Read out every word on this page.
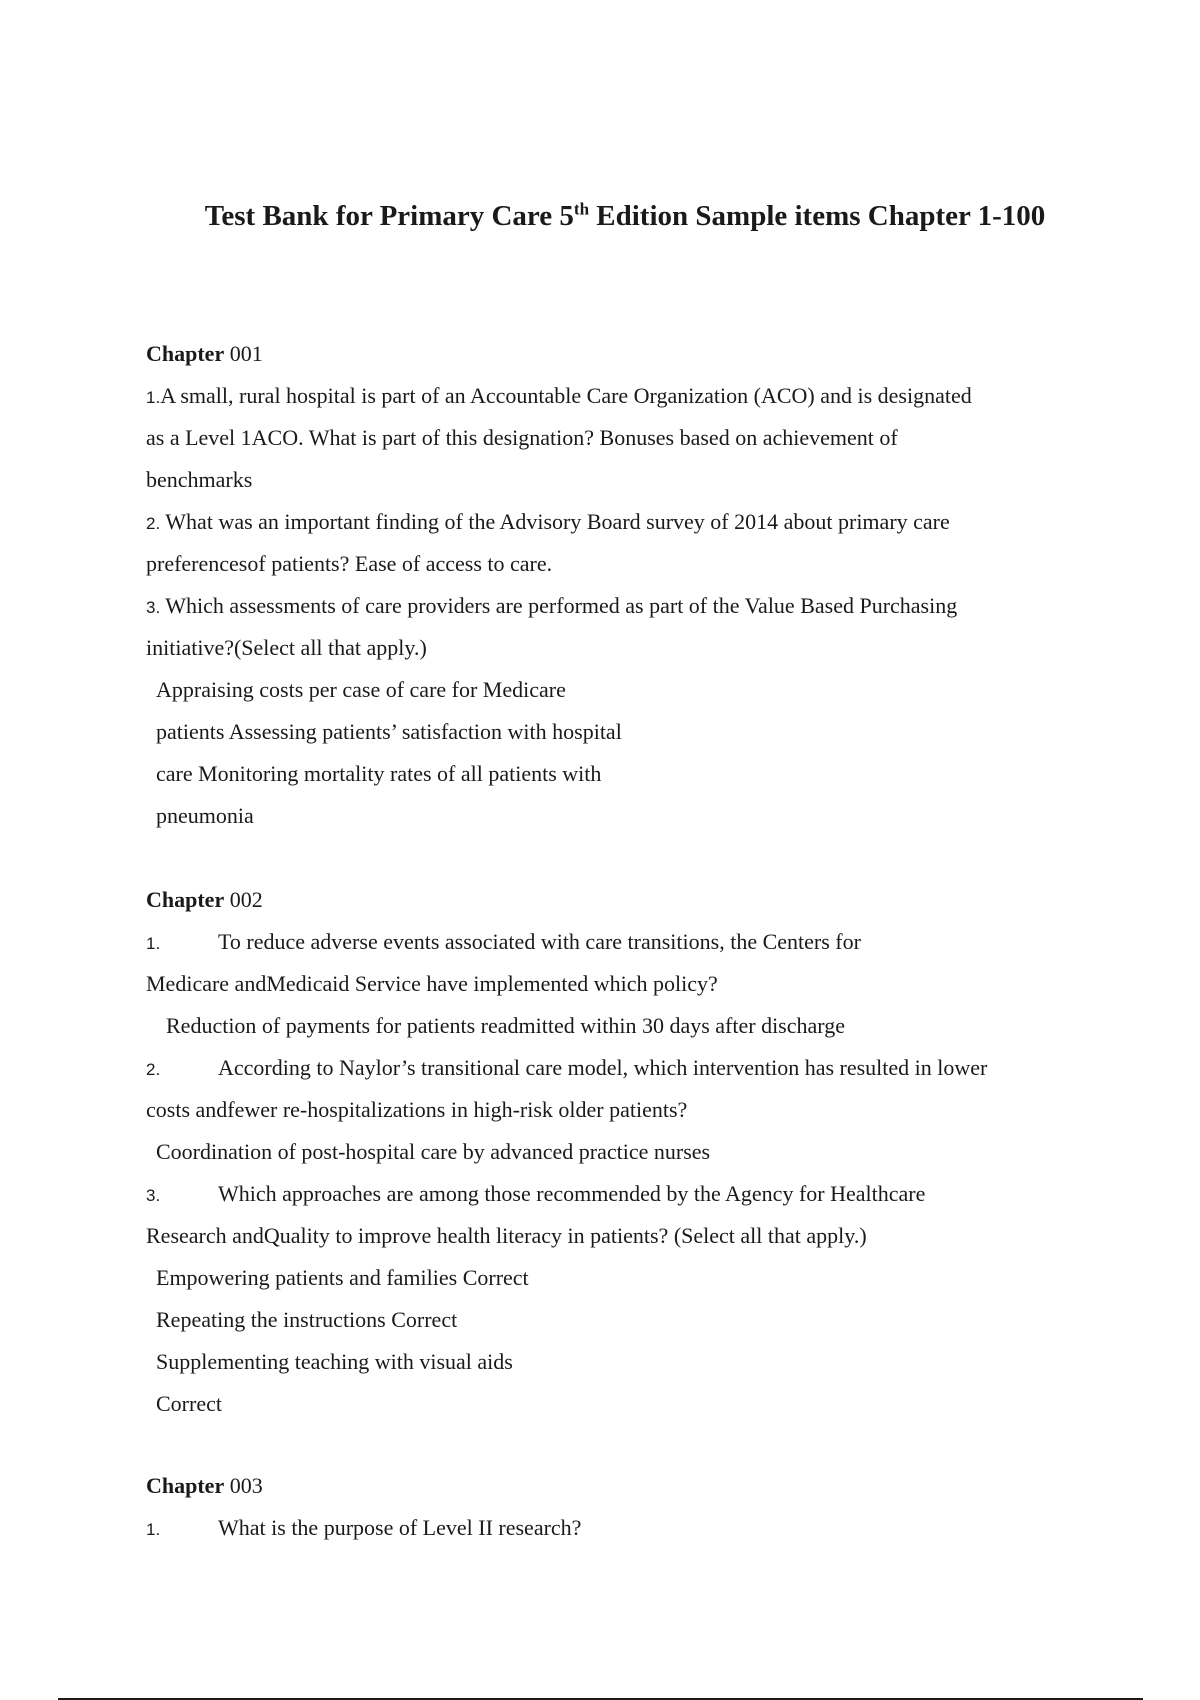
Test Bank for Primary Care 5th Edition Sample items Chapter 1-100
Chapter 001
1.A small, rural hospital is part of an Accountable Care Organization (ACO) and is designated
as a Level 1ACO. What is part of this designation? Bonuses based on achievement of
benchmarks
2. What was an important finding of the Advisory Board survey of 2014 about primary care
preferencesof patients? Ease of access to care.
3. Which assessments of care providers are performed as part of the Value Based Purchasing
initiative?(Select all that apply.)
Appraising costs per case of care for Medicare
patients Assessing patients’ satisfaction with hospital
care Monitoring mortality rates of all patients with
pneumonia
Chapter 002
1.	To reduce adverse events associated with care transitions, the Centers for
Medicare andMedicaid Service have implemented which policy?
Reduction of payments for patients readmitted within 30 days after discharge
2.	According to Naylor’s transitional care model, which intervention has resulted in lower
costs andfewer re-hospitalizations in high-risk older patients?
Coordination of post-hospital care by advanced practice nurses
3.	Which approaches are among those recommended by the Agency for Healthcare
Research andQuality to improve health literacy in patients? (Select all that apply.)
Empowering patients and families Correct
Repeating the instructions Correct
Supplementing teaching with visual aids
Correct
Chapter 003
1.	What is the purpose of Level II research?
